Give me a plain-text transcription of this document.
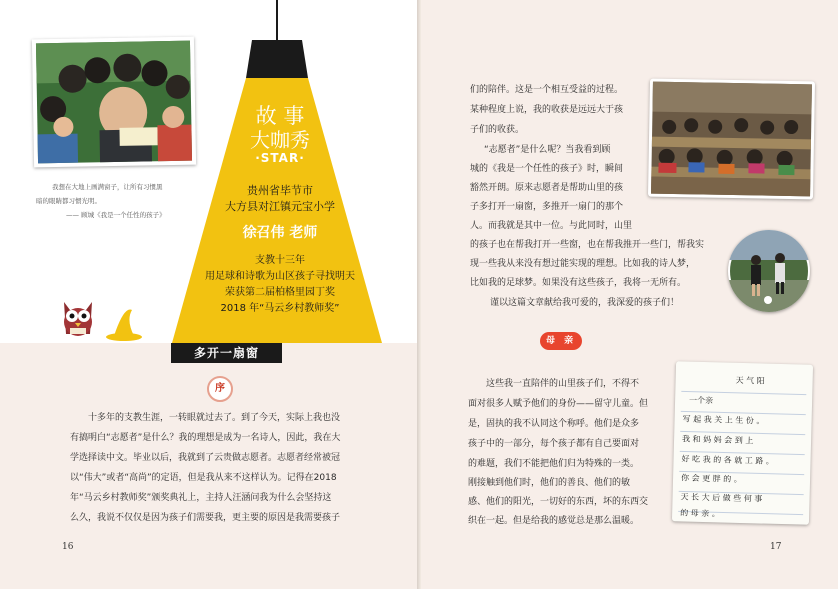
我想在大地上画满窗子，让所有习惯黑
暗的眼睛都习惯光明。
—— 顾城《我是一个任性的孩子》
故 事
大咖秀
·STAR·
贵州省毕节市
大方县对江镇元宝小学
徐召伟 老师
支教十三年
用足球和诗歌为山区孩子寻找明天
荣获第二届柏格里园丁奖
2018 年“马云乡村教师奖”
多开一扇窗
序
十多年的支教生涯，一转眼就过去了。到了今天，实际上我也没
有搞明白“志愿者”是什么？我的理想是成为一名诗人，因此，我在大
学选择读中文。毕业以后，我就到了云贵做志愿者。志愿者经常被冠
以“伟大”或者“高尚”的定语，但是我从来不这样认为。记得在2018
年“马云乡村教师奖”颁奖典礼上，主持人汪涵问我为什么会坚持这
么久，我说不仅仅是因为孩子们需要我，更主要的原因是我需要孩子
16
们的陪伴。这是一个相互受益的过程。
某种程度上说，我的收获是远远大于孩
子们的收获。
“志愿者”是什么呢？当我看到顾
城的《我是一个任性的孩子》时，瞬间
豁然开朗。原来志愿者是帮助山里的孩
子多打开一扇窗，多推开一扇门的那个
人。而我就是其中一位。与此同时，山里
的孩子也在帮我打开一些窗，也在帮我推开一些门，帮我实
现一些我从来没有想过能实现的理想。比如我的诗人梦，
比如我的足球梦。如果没有这些孩子，我将一无所有。
谨以这篇文章献给我可爱的，我深爱的孩子们！
母 亲
这些我一直陪伴的山里孩子们，不得不
面对很多人赋予他们的身份——留守儿童。但
是，固执的我不认同这个称呼。他们是众多
孩子中的一部分，每个孩子都有自己要面对
的难题，我们不能把他们归为特殊的一类。
刚接触到他们时，他们的善良、他们的敏
感、他们的阳光，一切好的东西，坏的东西交
织在一起。但是给我的感觉总是那么温暖。
天 气 阳
一个亲
写 起 我 关 上 生 份 。
我 和 妈 妈 会 到 上
好 吃 我 的 各 就 工 路 。
你 会 更 胖 的 。
天 长 大 后 做 些 何 事
的 母 亲 。
17
